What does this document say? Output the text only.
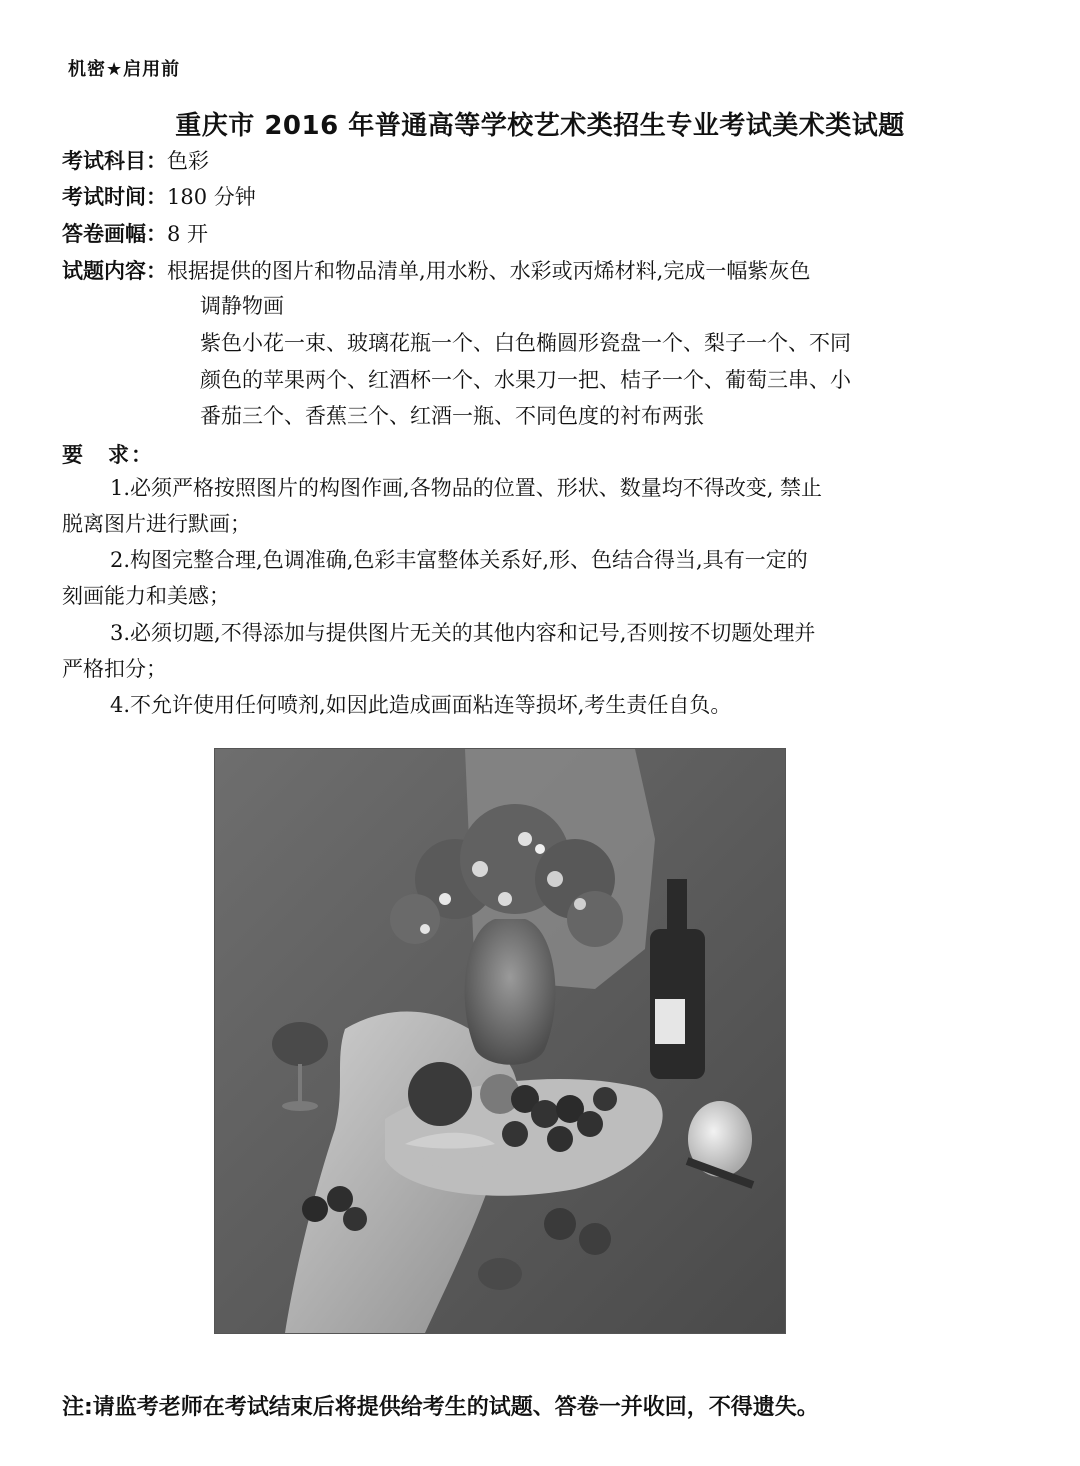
机密★启用前
重庆市 2016 年普通高等学校艺术类招生专业考试美术类试题
考试科目：色彩
考试时间：180 分钟
答卷画幅：8 开
试题内容：根据提供的图片和物品清单,用水粉、水彩或丙烯材料,完成一幅紫灰色
调静物画
紫色小花一束、玻璃花瓶一个、白色椭圆形瓷盘一个、梨子一个、不同
颜色的苹果两个、红酒杯一个、水果刀一把、桔子一个、葡萄三串、小
番茄三个、香蕉三个、红酒一瓶、不同色度的衬布两张
要　求：
1.必须严格按照图片的构图作画,各物品的位置、形状、数量均不得改变, 禁止
脱离图片进行默画；
2.构图完整合理,色调准确,色彩丰富整体关系好,形、色结合得当,具有一定的
刻画能力和美感；
3.必须切题,不得添加与提供图片无关的其他内容和记号,否则按不切题处理并
严格扣分；
4.不允许使用任何喷剂,如因此造成画面粘连等损坏,考生责任自负。
注:请监考老师在考试结束后将提供给考生的试题、答卷一并收回，不得遗失。
